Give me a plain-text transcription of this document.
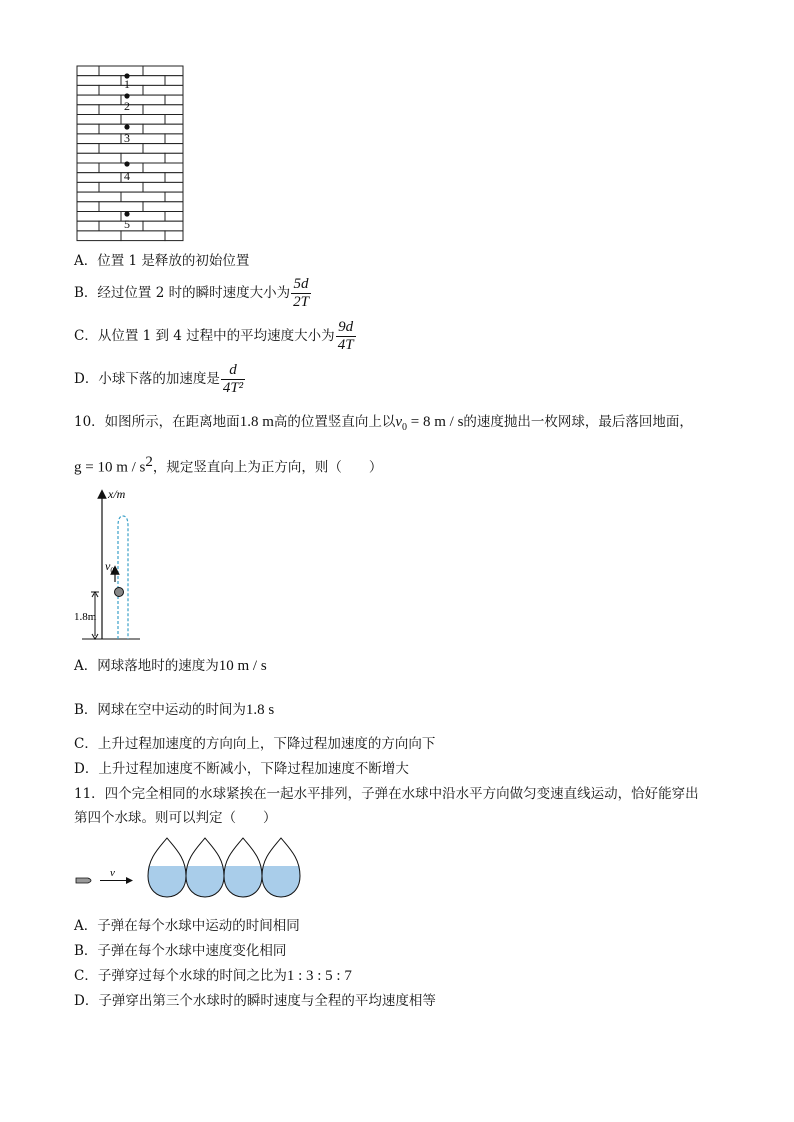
1
2
3
4
5
A．位置 1 是释放的初始位置
B．经过位置 2 时的瞬时速度大小为 $\frac{5d}{2T}$
C．从位置 1 到 4 过程中的平均速度大小为 $\frac{9d}{4T}$
D．小球下落的加速度是 $\frac{d}{\text{4T²}}$
10．如图所示，在距离地面1.8 m高的位置竖直向上以$v_0 = 8$ m / s的速度抛出一枚网球，最后落回地面，
g = 10 m / $s^2$，规定竖直向上为正方向，则（　　）
x/m
$v_0$
1.8m
A．网球落地时的速度为10 m / s
B．网球在空中运动的时间为1.8 s
C．上升过程加速度的方向向上，下降过程加速度的方向向下
D．上升过程加速度不断减小，下降过程加速度不断增大
11．四个完全相同的水球紧挨在一起水平排列，子弹在水球中沿水平方向做匀变速直线运动，恰好能穿出
第四个水球。则可以判定（　　）
v
A．子弹在每个水球中运动的时间相同
B．子弹在每个水球中速度变化相同
C．子弹穿过每个水球的时间之比为1 : 3 : 5 : 7
D．子弹穿出第三个水球时的瞬时速度与全程的平均速度相等
